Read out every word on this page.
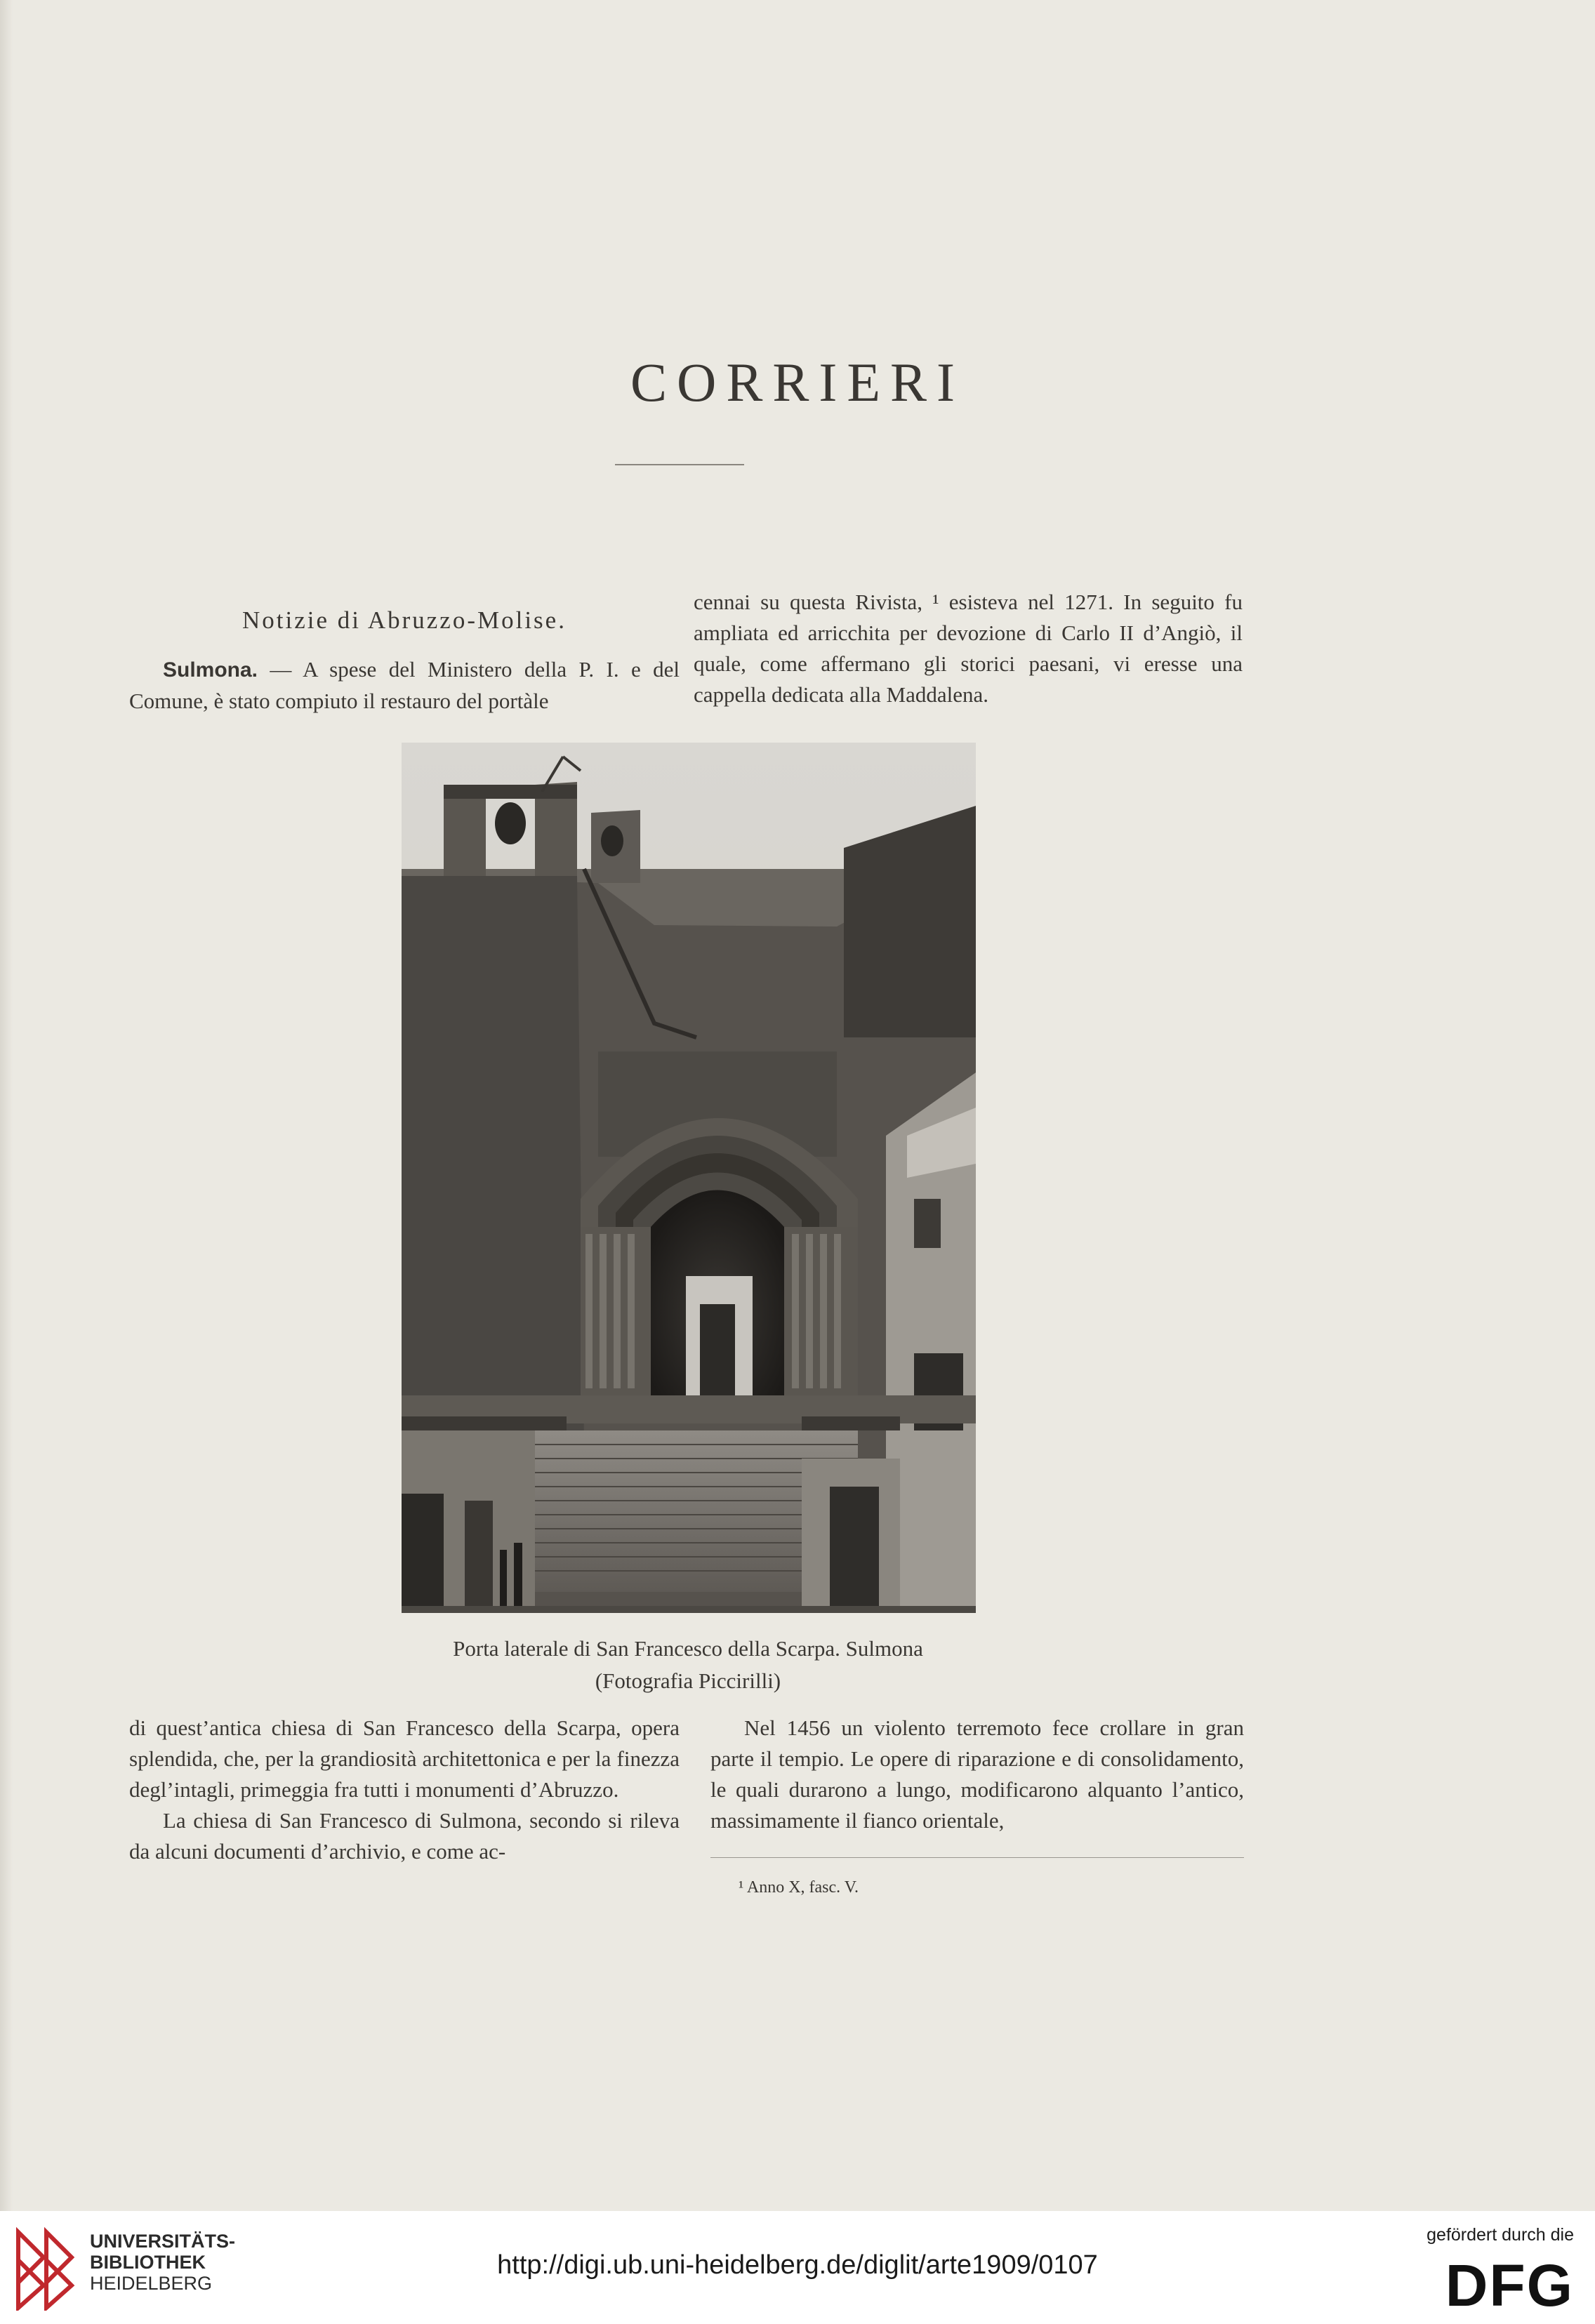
CORRIERI

Notizie di Abruzzo-Molise.

Sulmona. — A spese del Ministero della P. I. e del Comune, è stato compiuto il restauro del portàle

cennai su questa Rivista, ¹ esisteva nel 1271. In seguito fu ampliata ed arricchita per devozione di Carlo II d’Angiò, il quale, come affermano gli storici paesani, vi eresse una cappella dedicata alla Maddalena.

Porta laterale di San Francesco della Scarpa. Sulmona
(Fotografia Piccirilli)

di quest’antica chiesa di San Francesco della Scarpa, opera splendida, che, per la grandiosità architettonica e per la finezza degl’intagli, primeggia fra tutti i monumenti d’Abruzzo.

La chiesa di San Francesco di Sulmona, secondo si rileva da alcuni documenti d’archivio, e come ac-

Nel 1456 un violento terremoto fece crollare in gran parte il tempio. Le opere di riparazione e di consolidamento, le quali durarono a lungo, modificarono alquanto l’antico, massimamente il fianco orientale,

¹ Anno X, fasc. V.
UNIVERSITÄTS-
BIBLIOTHEK
HEIDELBERG
http://digi.ub.uni-heidelberg.de/diglit/arte1909/0107
gefördert durch die
DFG
